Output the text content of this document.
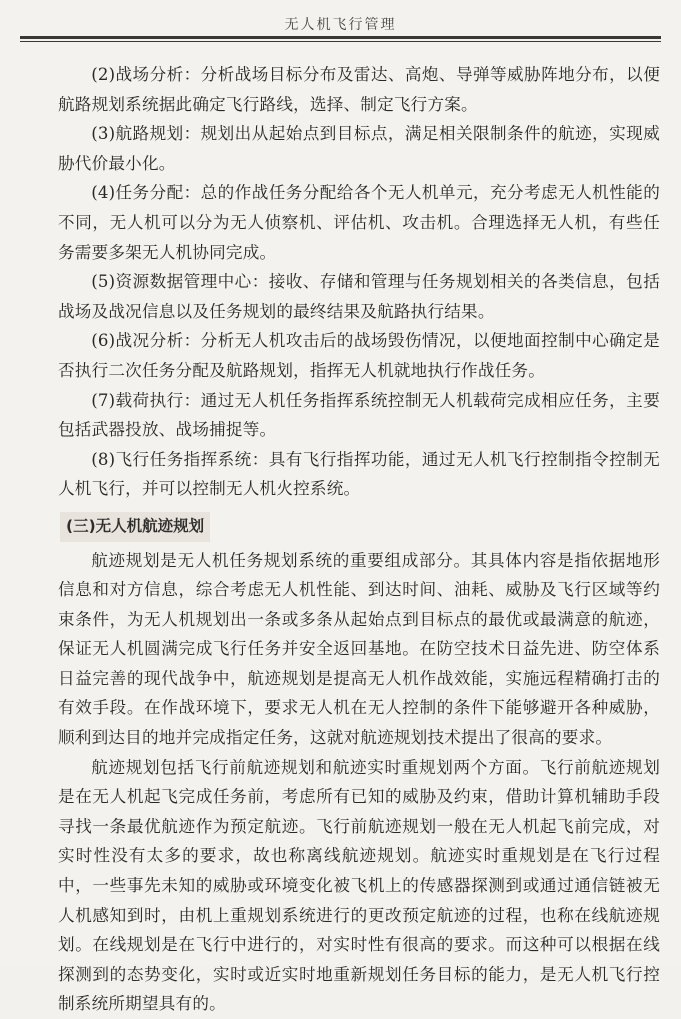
无人机飞行管理

(2)战场分析：分析战场目标分布及雷达、高炮、导弹等威胁阵地分布，以便航路规划系统据此确定飞行路线，选择、制定飞行方案。

(3)航路规划：规划出从起始点到目标点，满足相关限制条件的航迹，实现威胁代价最小化。

(4)任务分配：总的作战任务分配给各个无人机单元，充分考虑无人机性能的不同，无人机可以分为无人侦察机、评估机、攻击机。合理选择无人机，有些任务需要多架无人机协同完成。

(5)资源数据管理中心：接收、存储和管理与任务规划相关的各类信息，包括战场及战况信息以及任务规划的最终结果及航路执行结果。

(6)战况分析：分析无人机攻击后的战场毁伤情况，以便地面控制中心确定是否执行二次任务分配及航路规划，指挥无人机就地执行作战任务。

(7)载荷执行：通过无人机任务指挥系统控制无人机载荷完成相应任务，主要包括武器投放、战场捕捉等。

(8)飞行任务指挥系统：具有飞行指挥功能，通过无人机飞行控制指令控制无人机飞行，并可以控制无人机火控系统。

(三)无人机航迹规划

航迹规划是无人机任务规划系统的重要组成部分。其具体内容是指依据地形信息和对方信息，综合考虑无人机性能、到达时间、油耗、威胁及飞行区域等约束条件，为无人机规划出一条或多条从起始点到目标点的最优或最满意的航迹，保证无人机圆满完成飞行任务并安全返回基地。在防空技术日益先进、防空体系日益完善的现代战争中，航迹规划是提高无人机作战效能，实施远程精确打击的有效手段。在作战环境下，要求无人机在无人控制的条件下能够避开各种威胁，顺利到达目的地并完成指定任务，这就对航迹规划技术提出了很高的要求。

航迹规划包括飞行前航迹规划和航迹实时重规划两个方面。飞行前航迹规划是在无人机起飞完成任务前，考虑所有已知的威胁及约束，借助计算机辅助手段寻找一条最优航迹作为预定航迹。飞行前航迹规划一般在无人机起飞前完成，对实时性没有太多的要求，故也称离线航迹规划。航迹实时重规划是在飞行过程中，一些事先未知的威胁或环境变化被飞机上的传感器探测到或通过通信链被无人机感知到时，由机上重规划系统进行的更改预定航迹的过程，也称在线航迹规划。在线规划是在飞行中进行的，对实时性有很高的要求。而这种可以根据在线探测到的态势变化，实时或近实时地重新规划任务目标的能力，是无人机飞行控制系统所期望具有的。
